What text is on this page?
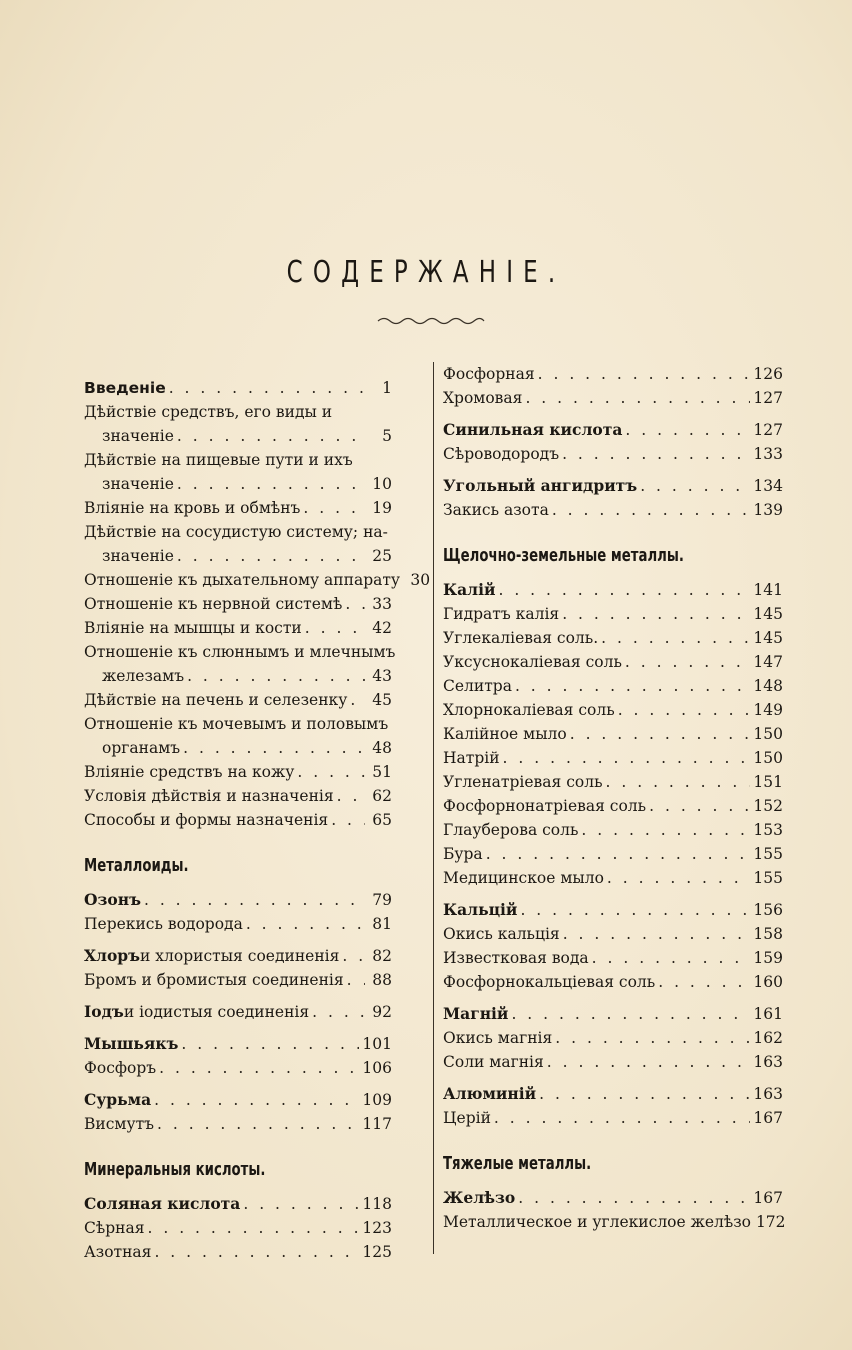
СОДЕРЖАНІЕ.
Введеніе . . .	1
Дѣйствіе средствъ, его виды и
значеніе . . .	5
Дѣйствіе на пищевые пути и ихъ
значеніе . . .	10
Вліяніе на кровь и обмѣнъ . . .	19
Дѣйствіе на сосудистую систему; на-
значеніе . . .	25
Отношеніе къ дыхательному аппарату 30
Отношеніе къ нервной системѣ . . . 33
Вліяніе на мышцы и кости . . .	42
Отношеніе къ слюннымъ и млечнымъ
железамъ . . .	43
Дѣйствіе на печень и селезенку . . . 45
Отношеніе къ мочевымъ и половымъ
органамъ . . .	48
Вліяніе средствъ на кожу . . .	51
Условія дѣйствія и назначенія . . . 62
Способы и формы назначенія . . .	65
Металлоиды.
Озонъ . . .	79
Перекись водорода . . .	81
Хлоръ и хлористыя соединенія . . . 82
Бромъ и бромистыя соединенія . . . 88
Іодъ и іодистыя соединенія . . .	92
Мышьякъ . . .	101
Фосфоръ . . .	106
Сурьма . . .	109
Висмутъ . . .	117
Минеральныя кислоты.
Соляная кислота . . .	118
Сѣрная . . .	123
Азотная . . .	125
Фосфорная . . .	126
Хромовая . . .	127
Синильная кислота . . .	127
Сѣроводородъ . . .	133
Угольный ангидритъ . . .	134
Закись азота . . .	139
Щелочно-земельные металлы.
Калій . . .	141
Гидратъ калія . . .	145
Углекаліевая соль. . . .	145
Уксуснокаліевая соль . . .	147
Селитра . . .	148
Хлорнокаліевая соль . . .	149
Калійное мыло . . .	150
Натрій . . .	150
Угленатріевая соль . . .	151
Фосфорнонатріевая соль . . .	152
Глауберова соль . . .	153
Бура . . .	155
Медицинское мыло . . .	155
Кальцій . . .	156
Окись кальція . . .	158
Известковая вода . . .	159
Фосфорнокальціевая соль . . .	160
Магній . . .	161
Окись магнія . . .	162
Соли магнія . . .	163
Алюминій . . .	163
Церій . . .	167
Тяжелые металлы.
Желѣзо . . .	167
Металлическое и углекислое желѣзо 172
